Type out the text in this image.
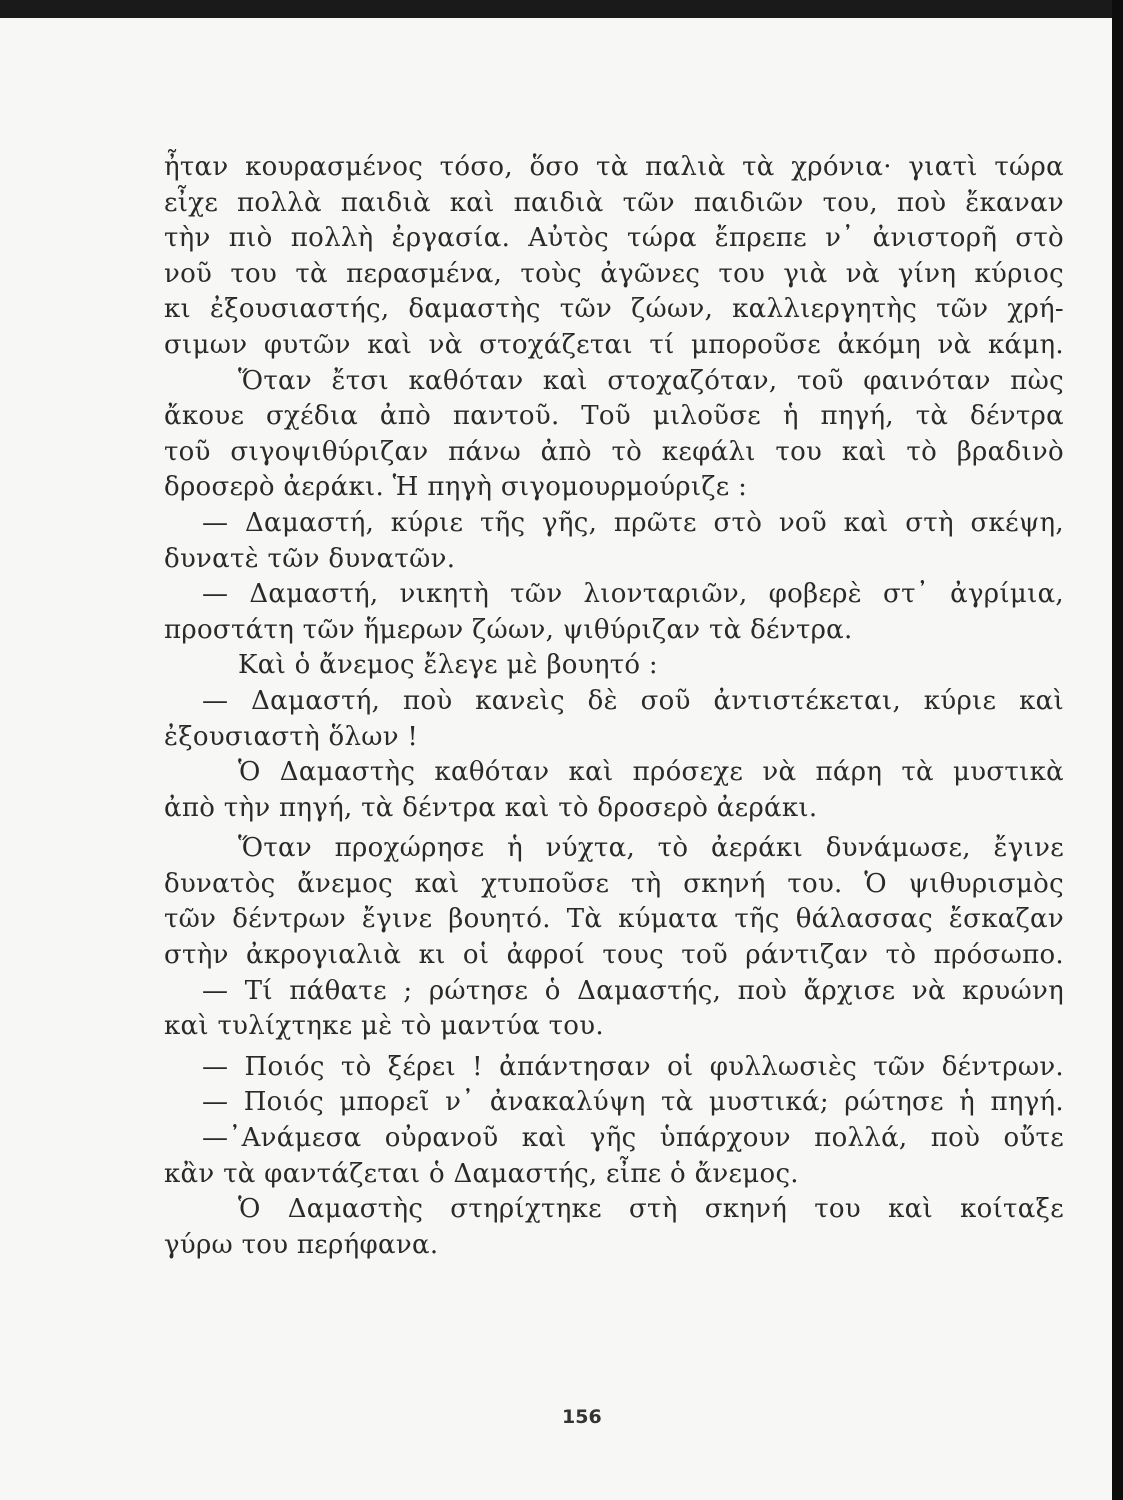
ἦταν κουρασμένος τόσο, ὅσο τὰ παλιὰ τὰ χρόνια· γιατὶ τώρα
εἶχε πολλὰ παιδιὰ καὶ παιδιὰ τῶν παιδιῶν του, ποὺ ἔκαναν
τὴν πιὸ πολλὴ ἐργασία. Αὐτὸς τώρα ἔπρεπε ν᾽ ἀνιστορῆ στὸ
νοῦ του τὰ περασμένα, τοὺς ἀγῶνες του γιὰ νὰ γίνη κύριος
κι ἐξουσιαστής, δαμαστὴς τῶν ζώων, καλλιεργητὴς τῶν χρή-
σιμων φυτῶν καὶ νὰ στοχάζεται τί μποροῦσε ἀκόμη νὰ κάμη.
Ὅταν ἔτσι καθόταν καὶ στοχαζόταν, τοῦ φαινόταν πὼς
ἄκουε σχέδια ἀπὸ παντοῦ. Τοῦ μιλοῦσε ἡ πηγή, τὰ δέντρα
τοῦ σιγοψιθύριζαν πάνω ἀπὸ τὸ κεφάλι του καὶ τὸ βραδινὸ
δροσερὸ ἀεράκι. Ἡ πηγὴ σιγομουρμούριζε :
— Δαμαστή, κύριε τῆς γῆς, πρῶτε στὸ νοῦ καὶ στὴ σκέψη,
δυνατὲ τῶν δυνατῶν.
— Δαμαστή, νικητὴ τῶν λιονταριῶν, φοβερὲ στ᾽ ἀγρίμια,
προστάτη τῶν ἥμερων ζώων, ψιθύριζαν τὰ δέντρα.
Καὶ ὁ ἄνεμος ἔλεγε μὲ βουητό :
— Δαμαστή, ποὺ κανεὶς δὲ σοῦ ἀντιστέκεται, κύριε καὶ
ἐξουσιαστὴ ὅλων !
Ὁ Δαμαστὴς καθόταν καὶ πρόσεχε νὰ πάρη τὰ μυστικὰ
ἀπὸ τὴν πηγή, τὰ δέντρα καὶ τὸ δροσερὸ ἀεράκι.
Ὅταν προχώρησε ἡ νύχτα, τὸ ἀεράκι δυνάμωσε, ἔγινε
δυνατὸς ἄνεμος καὶ χτυποῦσε τὴ σκηνή του. Ὁ ψιθυρισμὸς
τῶν δέντρων ἔγινε βουητό. Τὰ κύματα τῆς θάλασσας ἔσκαζαν
στὴν ἀκρογιαλιὰ κι οἱ ἀφροί τους τοῦ ράντιζαν τὸ πρόσωπο.
— Τί πάθατε ; ρώτησε ὁ Δαμαστής, ποὺ ἄρχισε νὰ κρυώνη
καὶ τυλίχτηκε μὲ τὸ μαντύα του.
— Ποιός τὸ ξέρει ! ἀπάντησαν οἱ φυλλωσιὲς τῶν δέντρων.
— Ποιός μπορεῖ ν᾽ ἀνακαλύψη τὰ μυστικά; ρώτησε ἡ πηγή.
—᾽Ανάμεσα οὐρανοῦ καὶ γῆς ὑπάρχουν πολλά, ποὺ οὔτε
κἂν τὰ φαντάζεται ὁ Δαμαστής, εἶπε ὁ ἄνεμος.
Ὁ Δαμαστὴς στηρίχτηκε στὴ σκηνή του καὶ κοίταξε
γύρω του περήφανα.
156
